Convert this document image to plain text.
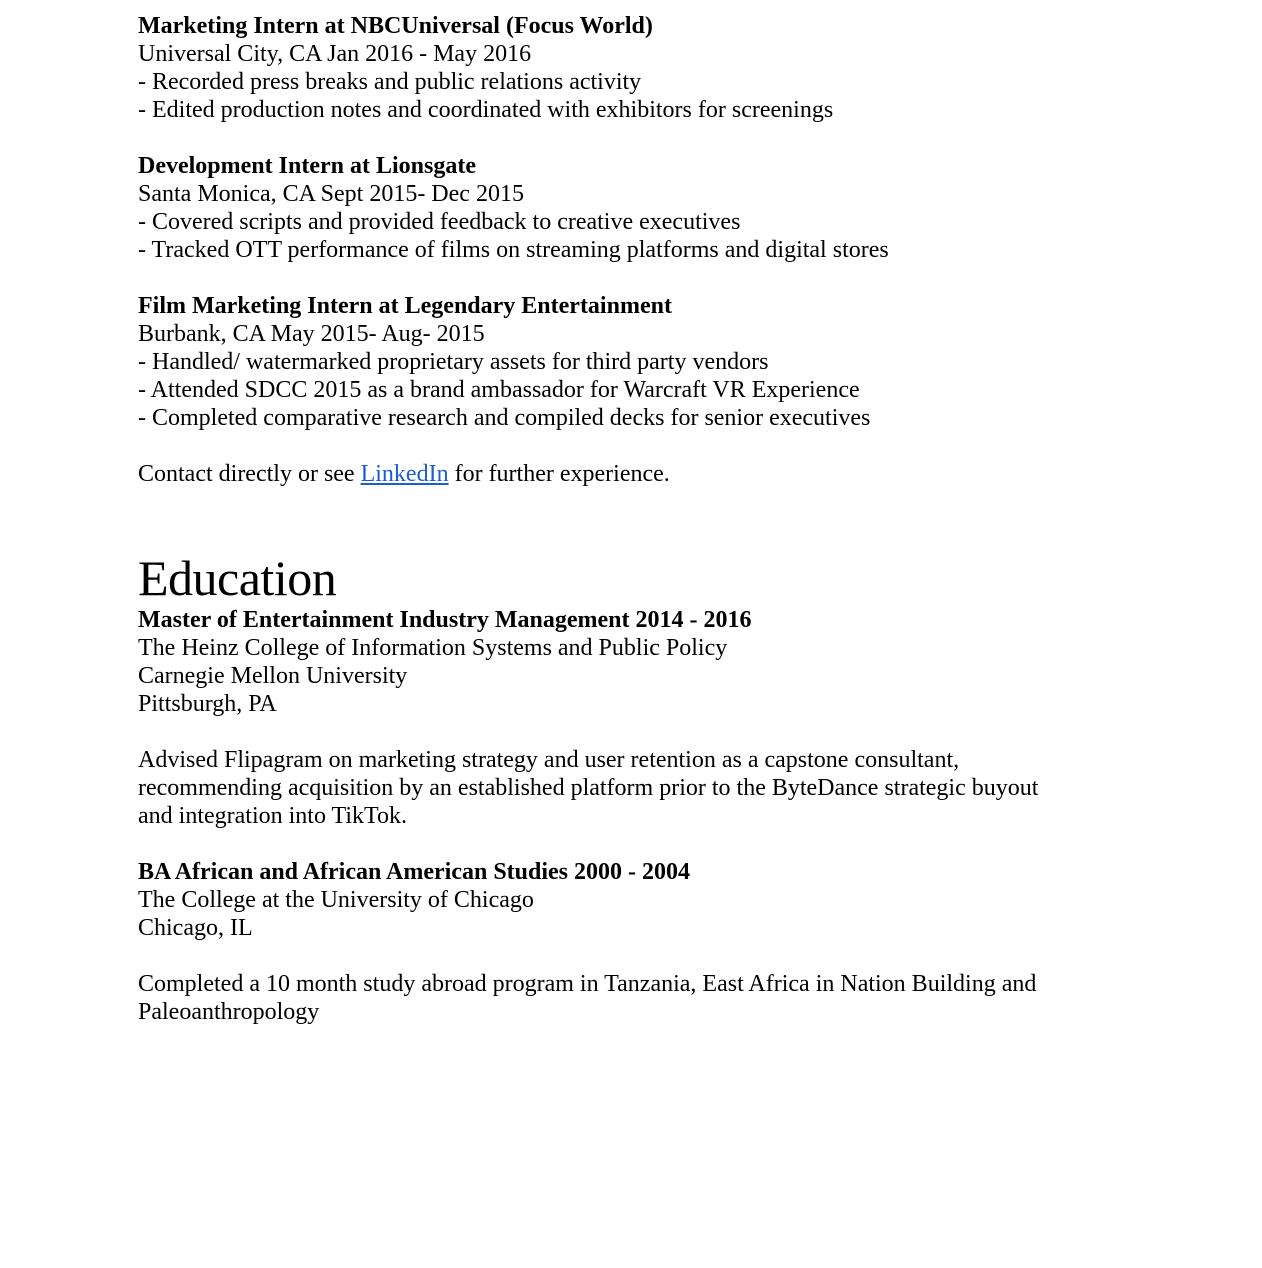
Marketing Intern at NBCUniversal (Focus World)
Universal City, CA Jan 2016 - May 2016
- Recorded press breaks and public relations activity
- Edited production notes and coordinated with exhibitors for screenings
Development Intern at Lionsgate
Santa Monica, CA Sept 2015- Dec 2015
- Covered scripts and provided feedback to creative executives
- Tracked OTT performance of films on streaming platforms and digital stores
Film Marketing Intern at Legendary Entertainment
Burbank, CA May 2015- Aug- 2015
- Handled/ watermarked proprietary assets for third party vendors
- Attended SDCC 2015 as a brand ambassador for Warcraft VR Experience
- Completed comparative research and compiled decks for senior executives
Contact directly or see LinkedIn for further experience.
Education
Master of Entertainment Industry Management 2014 - 2016
The Heinz College of Information Systems and Public Policy
Carnegie Mellon University
Pittsburgh, PA
Advised Flipagram on marketing strategy and user retention as a capstone consultant, recommending acquisition by an established platform prior to the ByteDance strategic buyout and integration into TikTok.
BA African and African American Studies 2000 - 2004
The College at the University of Chicago
Chicago, IL
Completed a 10 month study abroad program in Tanzania, East Africa in Nation Building and Paleoanthropology
